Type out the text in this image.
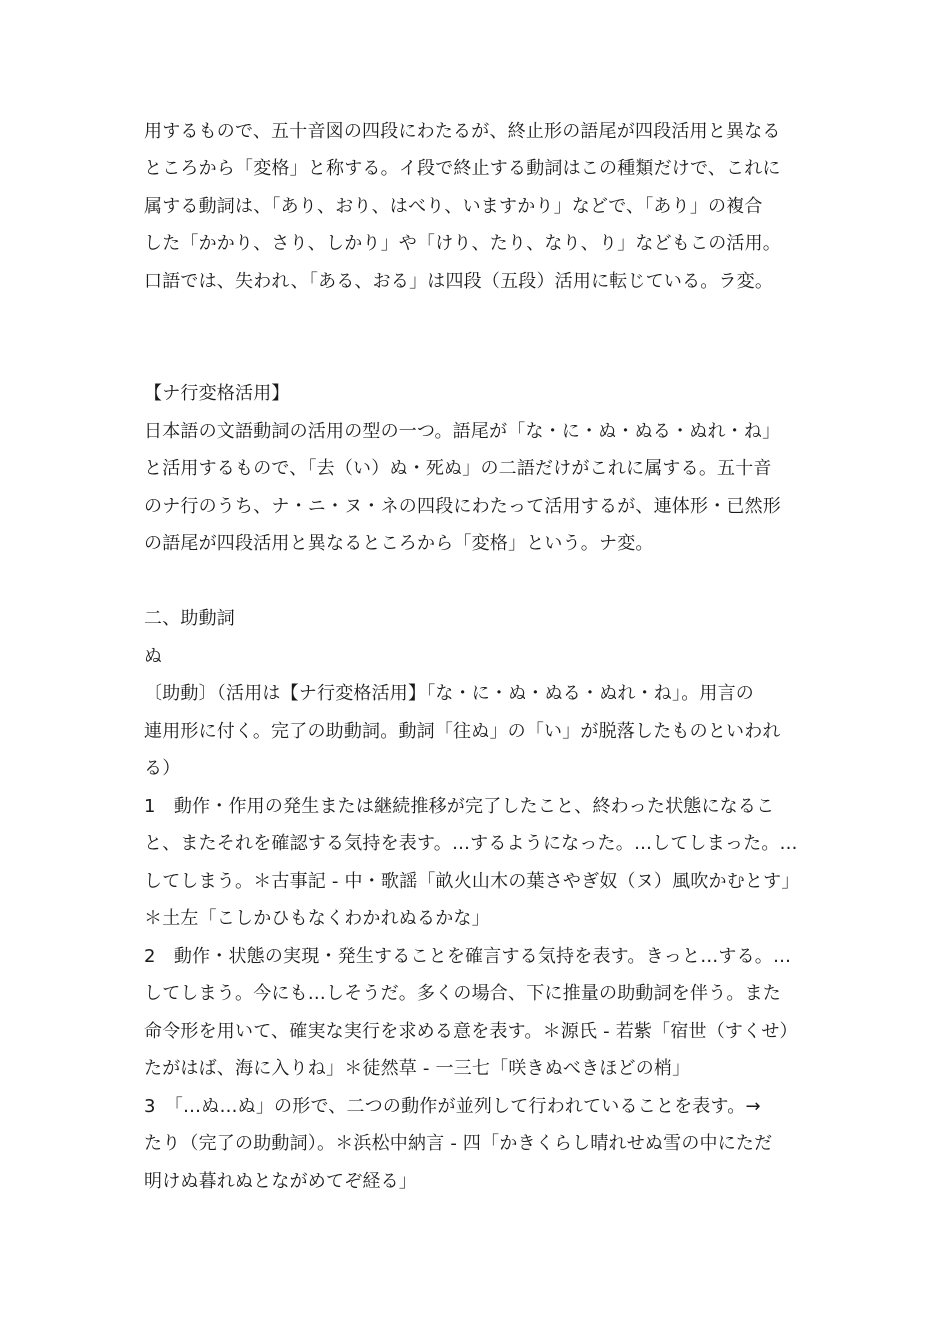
用するもので、五十音図の四段にわたるが、終止形の語尾が四段活用と異なる
ところから「変格」と称する。イ段で終止する動詞はこの種類だけで、これに
属する動詞は、「あり、おり、はべり、いますかり」などで、「あり」の複合
した「かかり、さり、しかり」や「けり、たり、なり、り」などもこの活用。
口語では、失われ、「ある、おる」は四段（五段）活用に転じている。ラ変。
【ナ行変格活用】
日本語の文語動詞の活用の型の一つ。語尾が「な・に・ぬ・ぬる・ぬれ・ね」
と活用するもので、「去（い）ぬ・死ぬ」の二語だけがこれに属する。五十音
のナ行のうち、ナ・ニ・ヌ・ネの四段にわたって活用するが、連体形・已然形
の語尾が四段活用と異なるところから「変格」という。ナ変。
二、助動詞
ぬ
〔助動〕（活用は【ナ行変格活用】「な・に・ぬ・ぬる・ぬれ・ね」。用言の
連用形に付く。完了の助動詞。動詞「往ぬ」の「い」が脱落したものといわれ
る）
1　動作・作用の発生または継続推移が完了したこと、終わった状態になるこ
と、またそれを確認する気持を表す。…するようになった。…してしまった。…
してしまう。＊古事記 - 中・歌謡「畝火山木の葉さやぎ奴（ヌ）風吹かむとす」
＊土左「こしかひもなくわかれぬるかな」
2　動作・状態の実現・発生することを確言する気持を表す。きっと…する。…
してしまう。今にも…しそうだ。多くの場合、下に推量の助動詞を伴う。また
命令形を用いて、確実な実行を求める意を表す。＊源氏 - 若紫「宿世（すくせ）
たがはば、海に入りね」＊徒然草 - 一三七「咲きぬべきほどの梢」
3　「…ぬ…ぬ」の形で、二つの動作が並列して行われていることを表す。→
たり（完了の助動詞）。＊浜松中納言 - 四「かきくらし晴れせぬ雪の中にただ
明けぬ暮れぬとながめてぞ経る」
